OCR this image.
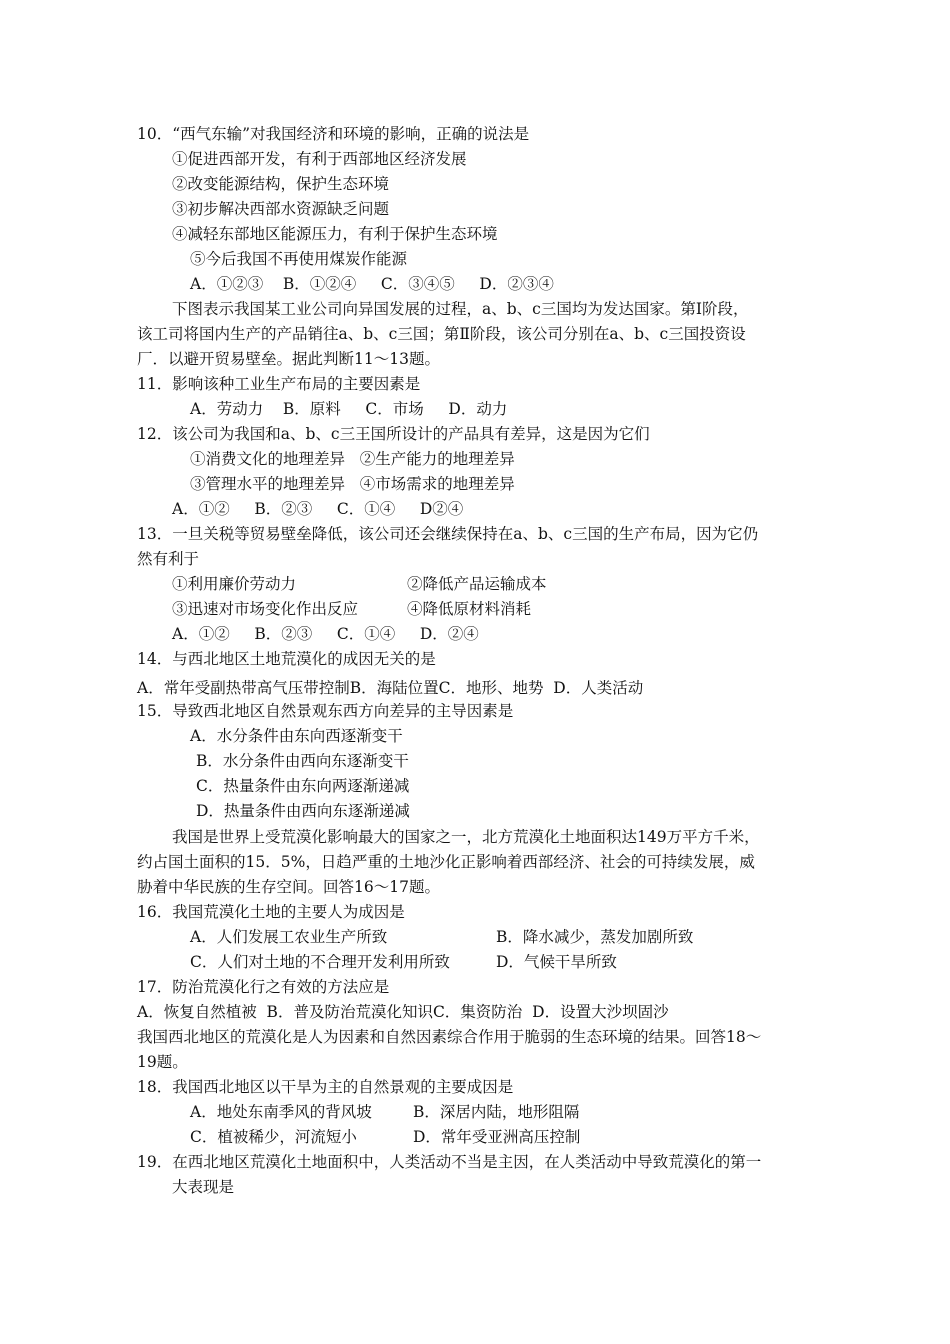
10．“西气东输”对我国经济和环境的影响，正确的说法是
①促进西部开发，有利于西部地区经济发展
②改变能源结构，保护生态环境
③初步解决西部水资源缺乏问题
④减轻东部地区能源压力，有利于保护生态环境
⑤今后我国不再使用煤炭作能源
A．①②③    B．①②④     C．③④⑤     D．②③④
下图表示我国某工业公司向异国发展的过程，a、b、c三国均为发达国家。第Ⅰ阶段，
该工司将国内生产的产品销往a、b、c三国；第Ⅱ阶段，该公司分别在a、b、c三国投资设
厂．以避开贸易壁垒。据此判断11～13题。
11．影响该种工业生产布局的主要因素是
A．劳动力    B．原料     C．市场     D．动力
12．该公司为我国和a、b、c三王国所设计的产品具有差异，这是因为它们
①消费文化的地理差异   ②生产能力的地理差异
③管理水平的地理差异   ④市场需求的地理差异
A．①②     B．②③     C．①④     D②④
13．一旦关税等贸易壁垒降低，该公司还会继续保持在a、b、c三国的生产布局，因为它仍
然有利于
①利用廉价劳动力	②降低产品运输成本
③迅速对市场变化作出反应	④降低原材料消耗
A．①②     B．②③     C．①④     D．②④
14．与西北地区土地荒漠化的成因无关的是
A．常年受副热带高气压带控制B．海陆位置C．地形、地势  D．人类活动
15．导致西北地区自然景观东西方向差异的主导因素是
A．水分条件由东向西逐渐变干
B．水分条件由西向东逐渐变干
C．热量条件由东向两逐渐递减
D．热量条件由西向东逐渐递减
我国是世界上受荒漠化影响最大的国家之一，北方荒漠化土地面积达149万平方千米，
约占国土面积的15．5%，日趋严重的土地沙化正影响着西部经济、社会的可持续发展，威
胁着中华民族的生存空间。回答16～17题。
16．我国荒漠化土地的主要人为成因是
A．人们发展工农业生产所致	B．降水减少，蒸发加剧所致
C．人们对土地的不合理开发利用所致	D．气候干旱所致
17．防治荒漠化行之有效的方法应是
A．恢复自然植被  B．普及防治荒漠化知识C．集资防治  D．设置大沙坝固沙
我国西北地区的荒漠化是人为因素和自然因素综合作用于脆弱的生态环境的结果。回答18～
19题。
18．我国西北地区以干旱为主的自然景观的主要成因是
A．地处东南季风的背风坡	B．深居内陆，地形阻隔
C．植被稀少，河流短小	D．常年受亚洲高压控制
19．在西北地区荒漠化土地面积中，人类活动不当是主因，在人类活动中导致荒漠化的第一
大表现是
